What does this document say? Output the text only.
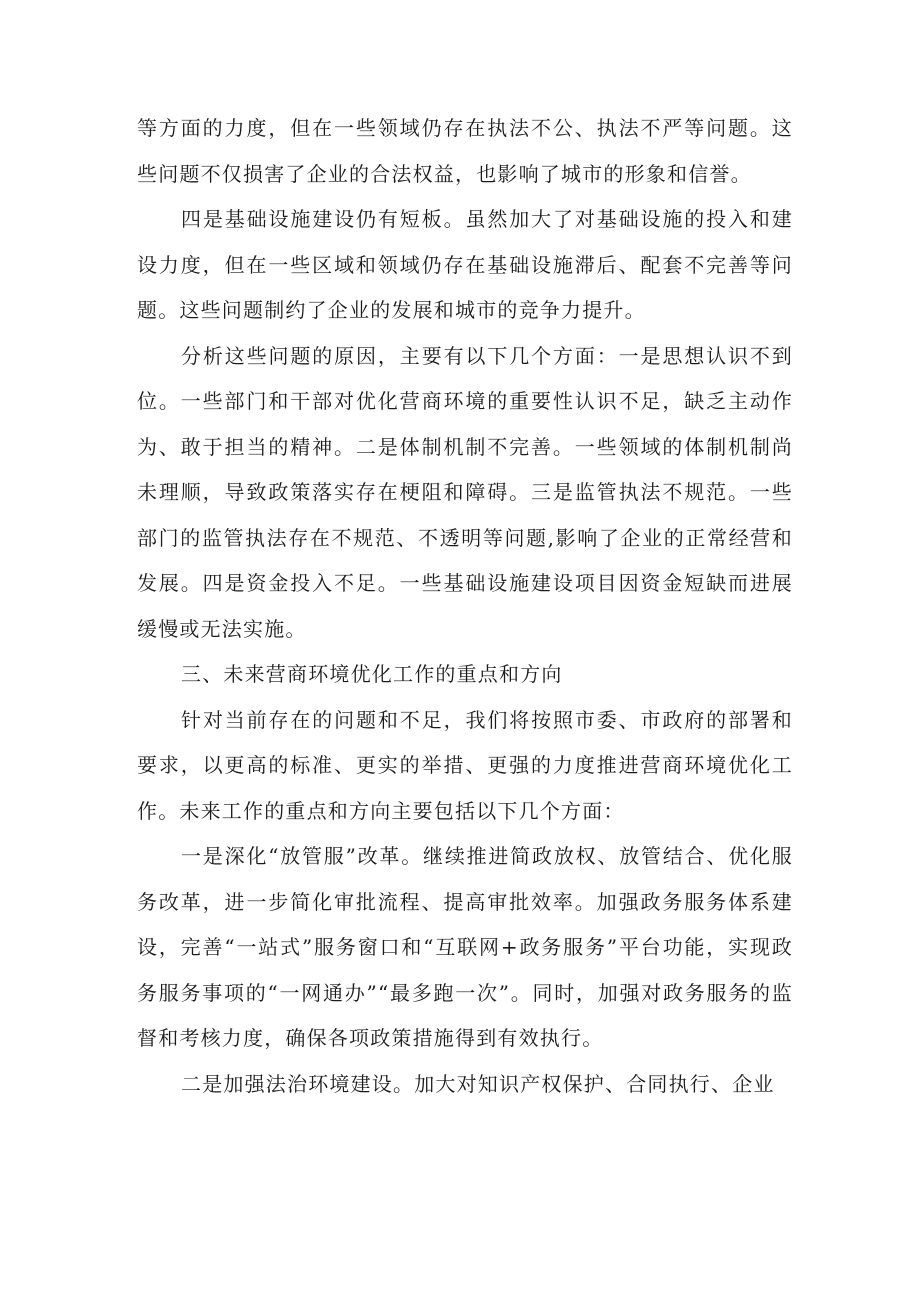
等方面的力度，但在一些领域仍存在执法不公、执法不严等问题。这些问题不仅损害了企业的合法权益，也影响了城市的形象和信誉。

四是基础设施建设仍有短板。虽然加大了对基础设施的投入和建设力度，但在一些区域和领域仍存在基础设施滞后、配套不完善等问题。这些问题制约了企业的发展和城市的竞争力提升。

分析这些问题的原因，主要有以下几个方面：一是思想认识不到位。一些部门和干部对优化营商环境的重要性认识不足，缺乏主动作为、敢于担当的精神。二是体制机制不完善。一些领域的体制机制尚未理顺，导致政策落实存在梗阻和障碍。三是监管执法不规范。一些部门的监管执法存在不规范、不透明等问题,影响了企业的正常经营和发展。四是资金投入不足。一些基础设施建设项目因资金短缺而进展缓慢或无法实施。

三、未来营商环境优化工作的重点和方向

针对当前存在的问题和不足，我们将按照市委、市政府的部署和要求，以更高的标准、更实的举措、更强的力度推进营商环境优化工作。未来工作的重点和方向主要包括以下几个方面：

一是深化“放管服”改革。继续推进简政放权、放管结合、优化服务改革，进一步简化审批流程、提高审批效率。加强政务服务体系建设，完善“一站式”服务窗口和“互联网+政务服务”平台功能，实现政务服务事项的“一网通办”“最多跑一次”。同时，加强对政务服务的监督和考核力度，确保各项政策措施得到有效执行。

二是加强法治环境建设。加大对知识产权保护、合同执行、企业
